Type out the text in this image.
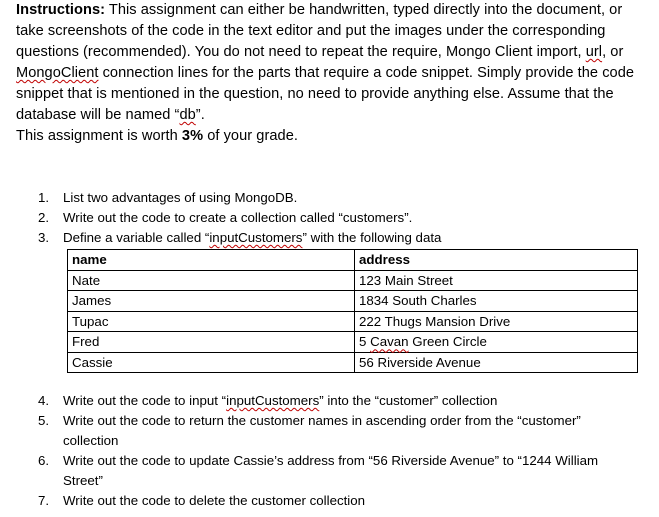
Instructions: This assignment can either be handwritten, typed directly into the document, or take screenshots of the code in the text editor and put the images under the corresponding questions (recommended). You do not need to repeat the require, Mongo Client import, url, or MongoClient connection lines for the parts that require a code snippet. Simply provide the code snippet that is mentioned in the question, no need to provide anything else. Assume that the database will be named “db”.
This assignment is worth 3% of your grade.

1. List two advantages of using MongoDB.
2. Write out the code to create a collection called “customers”.
3. Define a variable called “inputCustomers” with the following data
name	address
Nate	123 Main Street
James	1834 South Charles
Tupac	222 Thugs Mansion Drive
Fred	5 Cavan Green Circle
Cassie	56 Riverside Avenue
4. Write out the code to input “inputCustomers” into the “customer” collection
5. Write out the code to return the customer names in ascending order from the “customer” collection
6. Write out the code to update Cassie’s address from “56 Riverside Avenue” to “1244 William Street”
7. Write out the code to delete the customer collection
